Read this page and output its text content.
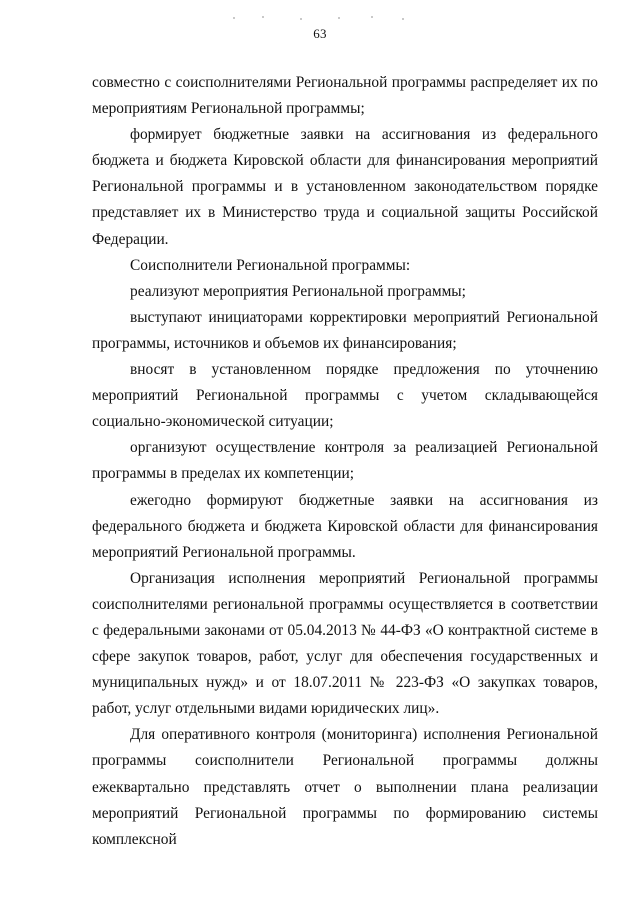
63

совместно с соисполнителями Региональной программы распределяет их по мероприятиям Региональной программы;

формирует бюджетные заявки на ассигнования из федерального бюджета и бюджета Кировской области для финансирования мероприятий Региональной программы и в установленном законодательством порядке представляет их в Министерство труда и социальной защиты Российской Федерации.

Соисполнители Региональной программы:

реализуют мероприятия Региональной программы;

выступают инициаторами корректировки мероприятий Региональной программы, источников и объемов их финансирования;

вносят в установленном порядке предложения по уточнению мероприятий Региональной программы с учетом складывающейся социально-экономической ситуации;

организуют осуществление контроля за реализацией Региональной программы в пределах их компетенции;

ежегодно формируют бюджетные заявки на ассигнования из федерального бюджета и бюджета Кировской области для финансирования мероприятий Региональной программы.

Организация исполнения мероприятий Региональной программы соисполнителями региональной программы осуществляется в соответствии с федеральными законами от 05.04.2013 № 44-ФЗ «О контрактной системе в сфере закупок товаров, работ, услуг для обеспечения государственных и муниципальных нужд» и от 18.07.2011 № 223-ФЗ «О закупках товаров, работ, услуг отдельными видами юридических лиц».

Для оперативного контроля (мониторинга) исполнения Региональной программы соисполнители Региональной программы должны ежеквартально представлять отчет о выполнении плана реализации мероприятий Региональной программы по формированию системы комплексной
